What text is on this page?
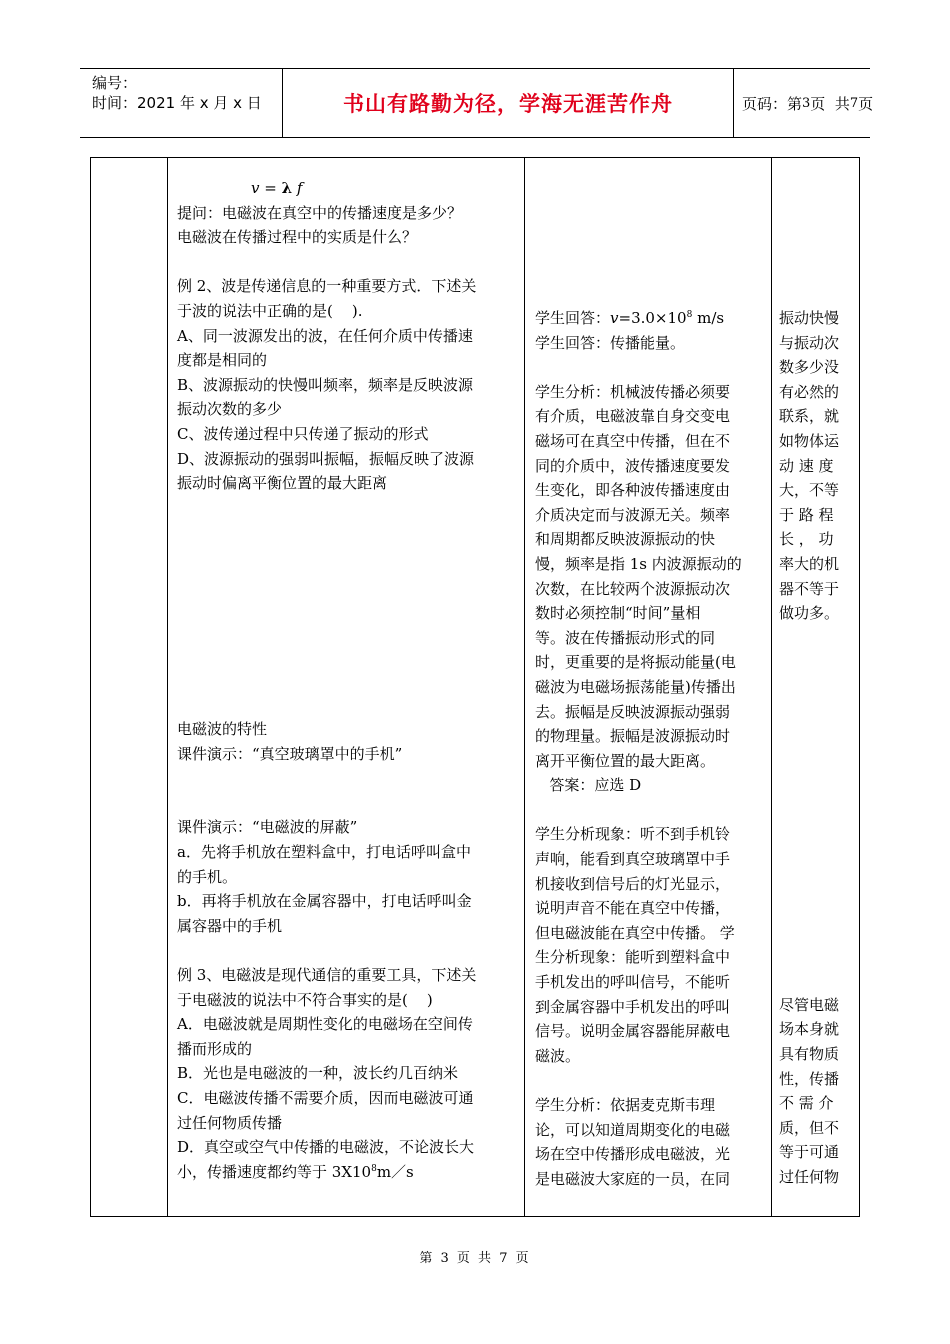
编号：
时间：2021 年 x 月 x 日	书山有路勤为径，学海无涯苦作舟	页码：第 3 页  共 7 页
v = λ f
提问：电磁波在真空中的传播速度是多少？
电磁波在传播过程中的实质是什么？
例 2、波是传递信息的一种重要方式．下述关
于波的说法中正确的是(    ).
A、同一波源发出的波，在任何介质中传播速
度都是相同的
B、波源振动的快慢叫频率，频率是反映波源
振动次数的多少
C、波传递过程中只传递了振动的形式
D、波源振动的强弱叫振幅，振幅反映了波源
振动时偏离平衡位置的最大距离
电磁波的特性
课件演示：“真空玻璃罩中的手机”
课件演示：“电磁波的屏蔽”
a．先将手机放在塑料盒中，打电话呼叫盒中
的手机。
b．再将手机放在金属容器中，打电话呼叫金
属容器中的手机
例 3、电磁波是现代通信的重要工具，下述关
于电磁波的说法中不符合事实的是(    )
A．电磁波就是周期性变化的电磁场在空间传
播而形成的
B．光也是电磁波的一种，波长约几百纳米
C．电磁波传播不需要介质，因而电磁波可通
过任何物质传播
D．真空或空气中传播的电磁波，不论波长大
小，传播速度都约等于 $3X10^8m/s$
学生回答：$v=3.0\times 10^8$ m/s
学生回答：传播能量。
学生分析：机械波传播必须要
有介质，电磁波靠自身交变电
磁场可在真空中传播，但在不
同的介质中，波传播速度要发
生变化，即各种波传播速度由
介质决定而与波源无关。频率
和周期都反映波源振动的快
慢，频率是指 1s 内波源振动的
次数，在比较两个波源振动次
数时必须控制“时间”量相
等。波在传播振动形式的同
时，更重要的是将振动能量(电
磁波为电磁场振荡能量)传播出
去。振幅是反映波源振动强弱
的物理量。振幅是波源振动时
离开平衡位置的最大距离。
答案：应选 D
学生分析现象：听不到手机铃
声响，能看到真空玻璃罩中手
机接收到信号后的灯光显示，
说明声音不能在真空中传播，
但电磁波能在真空中传播。 学
生分析现象：能听到塑料盒中
手机发出的呼叫信号，不能听
到金属容器中手机发出的呼叫
信号。说明金属容器能屏蔽电
磁波。
学生分析：依据麦克斯韦理
论，可以知道周期变化的电磁
场在空中传播形成电磁波，光
是电磁波大家庭的一员，在同
振动快慢
与振动次
数多少没
有必然的
联系，就
如物体运
动 速 度
大，不等
于 路 程
长 ， 功
率大的机
器不等于
做功多。
尽管电磁
场本身就
具有物质
性，传播
不 需 介
质，但不
等于可通
过任何物
第 3 页 共 7 页
